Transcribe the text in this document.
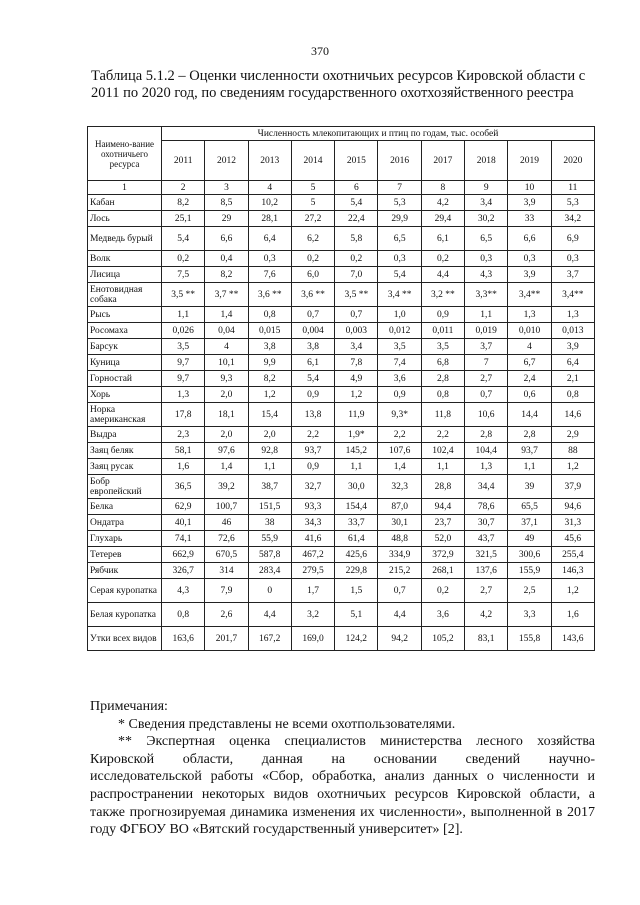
370
Таблица 5.1.2 – Оценки численности охотничьих ресурсов Кировской области с 2011 по 2020 год, по сведениям государственного охотхозяйственного реестра
Наимено-вание охотничьего ресурса	Численность млекопитающих и птиц по годам, тыс. особей									
	2011	2012	2013	2014	2015	2016	2017	2018	2019	2020
1	2	3	4	5	6	7	8	9	10	11
Кабан	8,2	8,5	10,2	5	5,4	5,3	4,2	3,4	3,9	5,3
Лось	25,1	29	28,1	27,2	22,4	29,9	29,4	30,2	33	34,2
Медведь бурый	5,4	6,6	6,4	6,2	5,8	6,5	6,1	6,5	6,6	6,9
Волк	0,2	0,4	0,3	0,2	0,2	0,3	0,2	0,3	0,3	0,3
Лисица	7,5	8,2	7,6	6,0	7,0	5,4	4,4	4,3	3,9	3,7
Енотовидная собака	3,5 **	3,7 **	3,6 **	3,6 **	3,5 **	3,4 **	3,2 **	3,3**	3,4**	3,4**
Рысь	1,1	1,4	0,8	0,7	0,7	1,0	0,9	1,1	1,3	1,3
Росомаха	0,026	0,04	0,015	0,004	0,003	0,012	0,011	0,019	0,010	0,013
Барсук	3,5	4	3,8	3,8	3,4	3,5	3,5	3,7	4	3,9
Куница	9,7	10,1	9,9	6,1	7,8	7,4	6,8	7	6,7	6,4
Горностай	9,7	9,3	8,2	5,4	4,9	3,6	2,8	2,7	2,4	2,1
Хорь	1,3	2,0	1,2	0,9	1,2	0,9	0,8	0,7	0,6	0,8
Норка американская	17,8	18,1	15,4	13,8	11,9	9,3*	11,8	10,6	14,4	14,6
Выдра	2,3	2,0	2,0	2,2	1,9*	2,2	2,2	2,8	2,8	2,9
Заяц беляк	58,1	97,6	92,8	93,7	145,2	107,6	102,4	104,4	93,7	88
Заяц русак	1,6	1,4	1,1	0,9	1,1	1,4	1,1	1,3	1,1	1,2
Бобр европейский	36,5	39,2	38,7	32,7	30,0	32,3	28,8	34,4	39	37,9
Белка	62,9	100,7	151,5	93,3	154,4	87,0	94,4	78,6	65,5	94,6
Ондатра	40,1	46	38	34,3	33,7	30,1	23,7	30,7	37,1	31,3
Глухарь	74,1	72,6	55,9	41,6	61,4	48,8	52,0	43,7	49	45,6
Тетерев	662,9	670,5	587,8	467,2	425,6	334,9	372,9	321,5	300,6	255,4
Рябчик	326,7	314	283,4	279,5	229,8	215,2	268,1	137,6	155,9	146,3
Серая куропатка	4,3	7,9	0	1,7	1,5	0,7	0,2	2,7	2,5	1,2
Белая куропатка	0,8	2,6	4,4	3,2	5,1	4,4	3,6	4,2	3,3	1,6
Утки всех видов	163,6	201,7	167,2	169,0	124,2	94,2	105,2	83,1	155,8	143,6

Примечания:

* Сведения представлены не всеми охотпользователями.

** Экспертная оценка специалистов министерства лесного хозяйства

Кировской области, данная на основании сведений научно-

исследовательской работы «Сбор, обработка, анализ данных о численности и распространении некоторых видов охотничьих ресурсов Кировской области, а также прогнозируемая динамика изменения их численности», выполненной в 2017 году ФГБОУ ВО «Вятский государственный университет» [2].
